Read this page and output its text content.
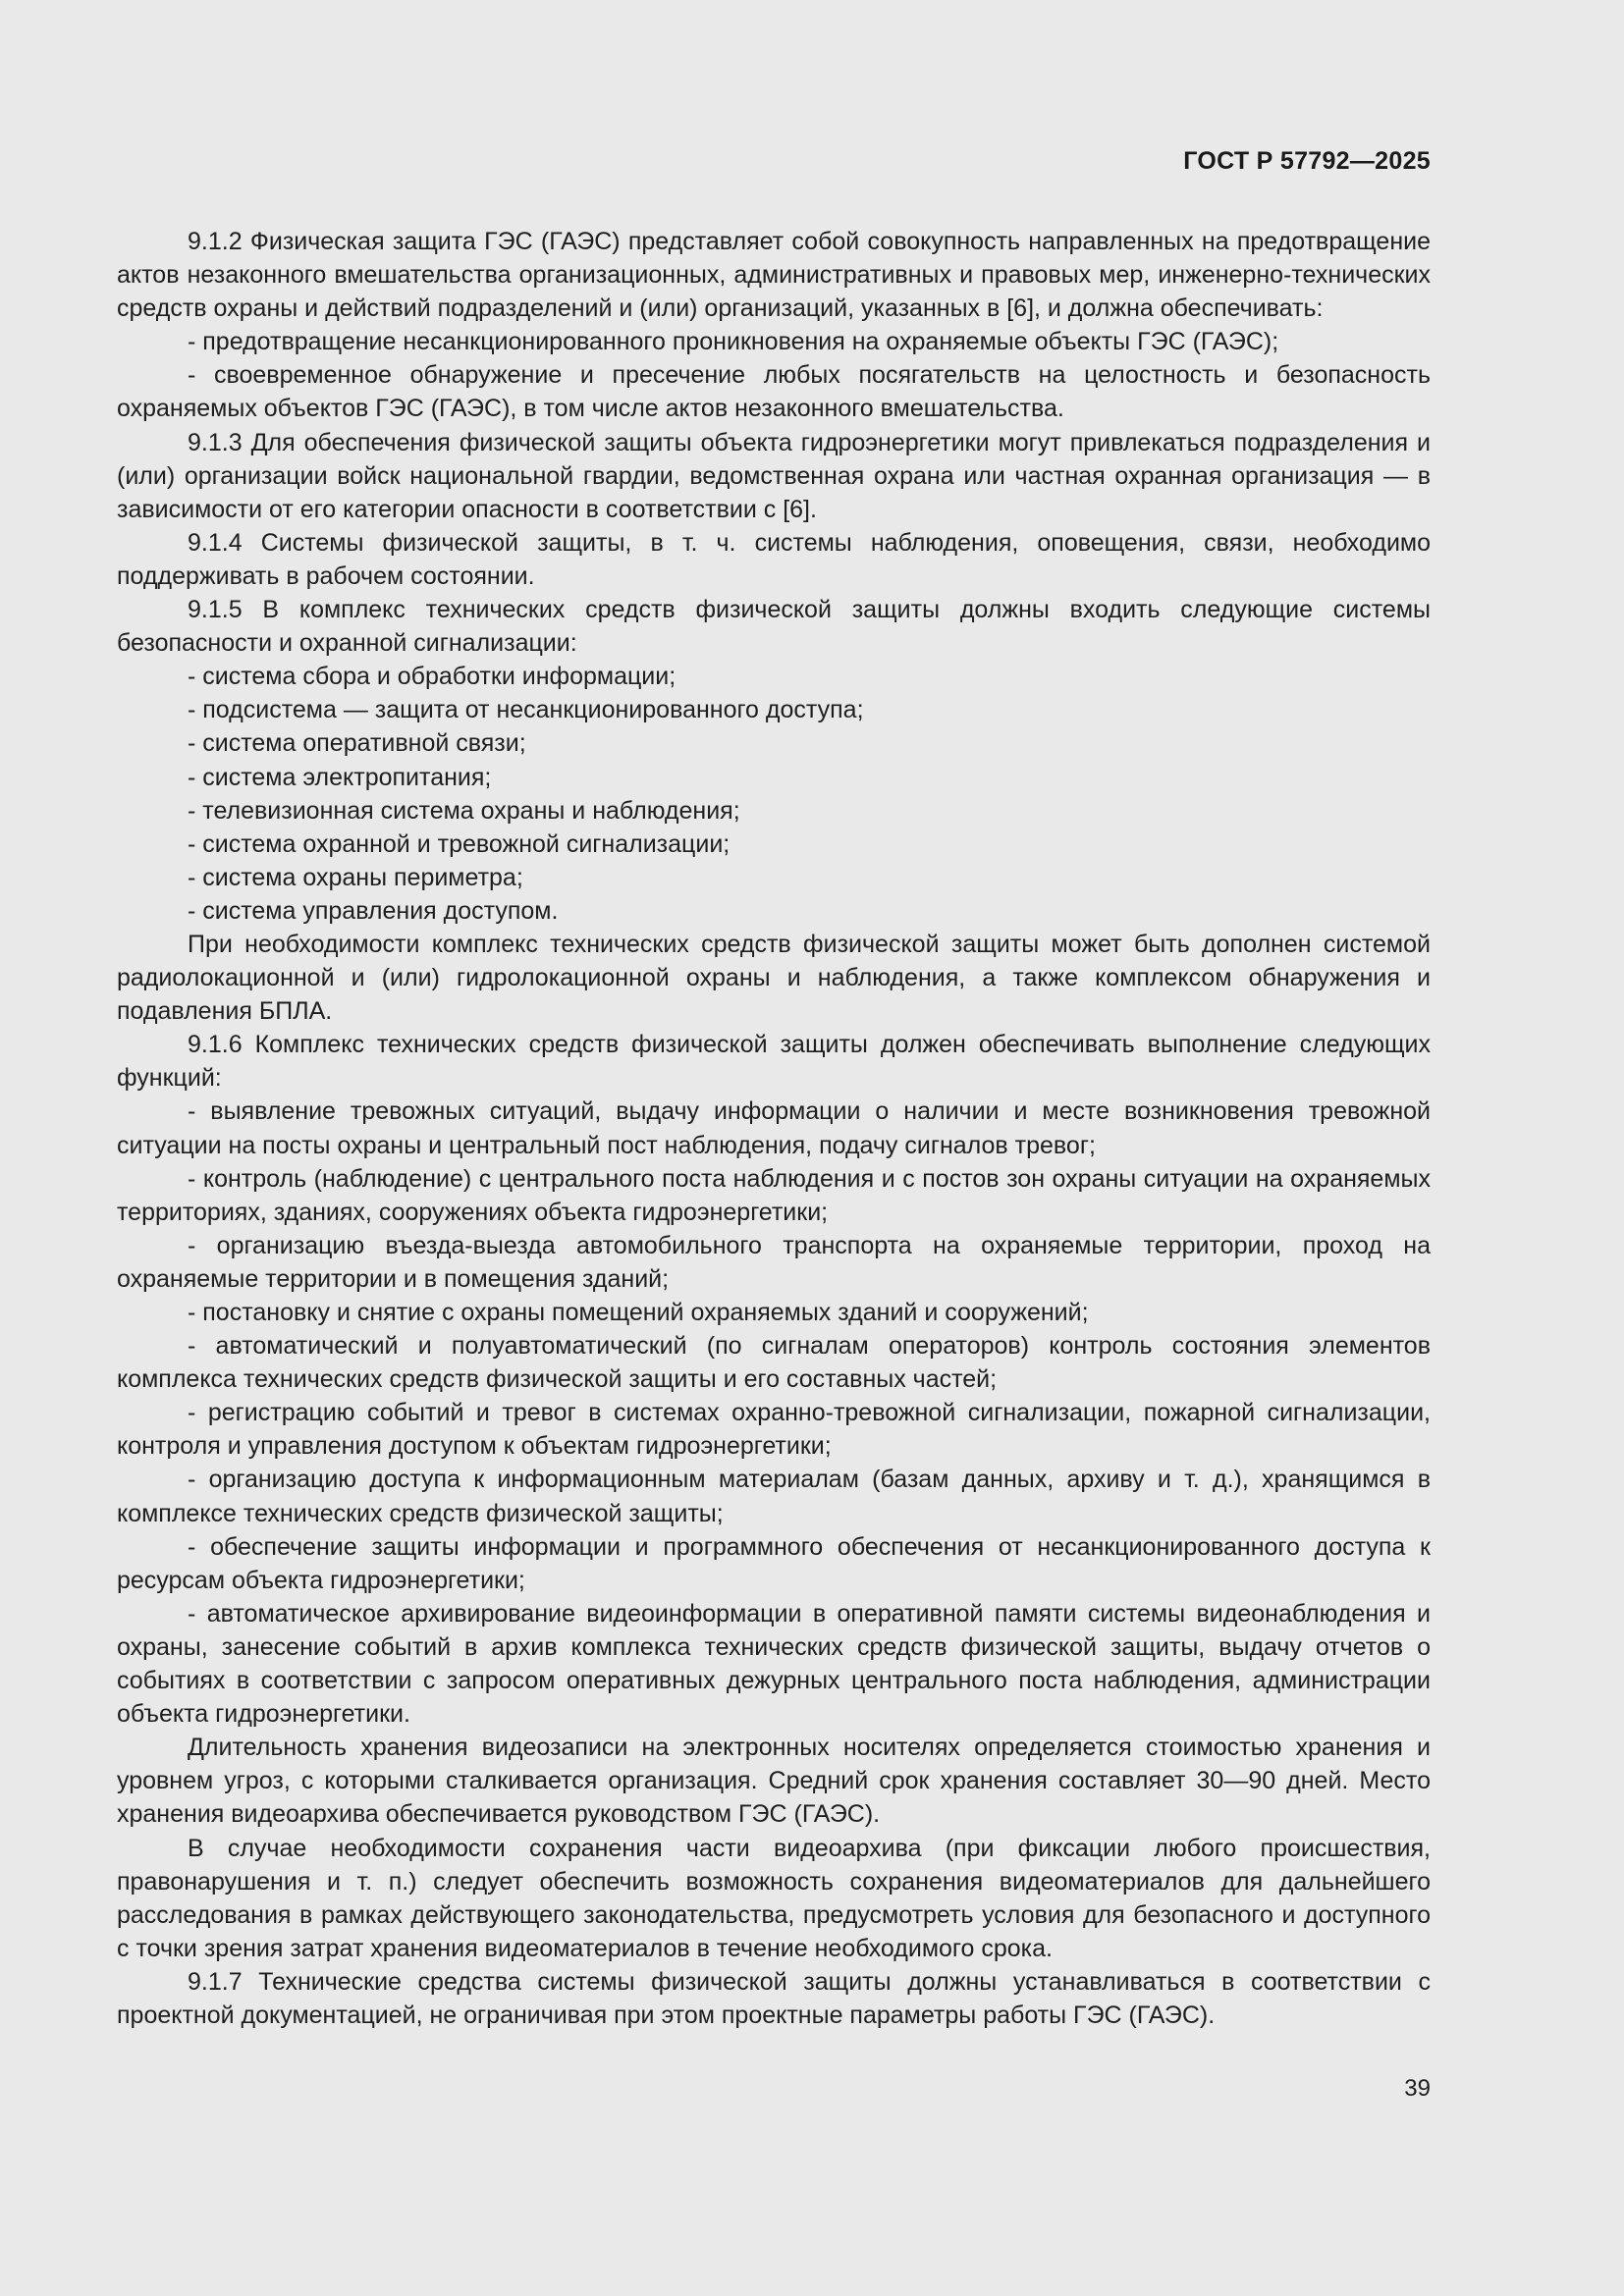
ГОСТ Р 57792—2025

9.1.2 Физическая защита ГЭС (ГАЭС) представляет собой совокупность направленных на предотвращение актов незаконного вмешательства организационных, административных и правовых мер, инженерно-технических средств охраны и действий подразделений и (или) организаций, указанных в [6], и должна обеспечивать:

- предотвращение несанкционированного проникновения на охраняемые объекты ГЭС (ГАЭС);

- своевременное обнаружение и пресечение любых посягательств на целостность и безопасность охраняемых объектов ГЭС (ГАЭС), в том числе актов незаконного вмешательства.

9.1.3 Для обеспечения физической защиты объекта гидроэнергетики могут привлекаться подразделения и (или) организации войск национальной гвардии, ведомственная охрана или частная охранная организация — в зависимости от его категории опасности в соответствии с [6].

9.1.4 Системы физической защиты, в т. ч. системы наблюдения, оповещения, связи, необходимо поддерживать в рабочем состоянии.

9.1.5 В комплекс технических средств физической защиты должны входить следующие системы безопасности и охранной сигнализации:

- система сбора и обработки информации;

- подсистема — защита от несанкционированного доступа;

- система оперативной связи;

- система электропитания;

- телевизионная система охраны и наблюдения;

- система охранной и тревожной сигнализации;

- система охраны периметра;

- система управления доступом.

При необходимости комплекс технических средств физической защиты может быть дополнен системой радиолокационной и (или) гидролокационной охраны и наблюдения, а также комплексом обнаружения и подавления БПЛА.

9.1.6 Комплекс технических средств физической защиты должен обеспечивать выполнение следующих функций:

- выявление тревожных ситуаций, выдачу информации о наличии и месте возникновения тревожной ситуации на посты охраны и центральный пост наблюдения, подачу сигналов тревог;

- контроль (наблюдение) с центрального поста наблюдения и с постов зон охраны ситуации на охраняемых территориях, зданиях, сооружениях объекта гидроэнергетики;

- организацию въезда-выезда автомобильного транспорта на охраняемые территории, проход на охраняемые территории и в помещения зданий;

- постановку и снятие с охраны помещений охраняемых зданий и сооружений;

- автоматический и полуавтоматический (по сигналам операторов) контроль состояния элементов комплекса технических средств физической защиты и его составных частей;

- регистрацию событий и тревог в системах охранно-тревожной сигнализации, пожарной сигнализации, контроля и управления доступом к объектам гидроэнергетики;

- организацию доступа к информационным материалам (базам данных, архиву и т. д.), хранящимся в комплексе технических средств физической защиты;

- обеспечение защиты информации и программного обеспечения от несанкционированного доступа к ресурсам объекта гидроэнергетики;

- автоматическое архивирование видеоинформации в оперативной памяти системы видеонаблюдения и охраны, занесение событий в архив комплекса технических средств физической защиты, выдачу отчетов о событиях в соответствии с запросом оперативных дежурных центрального поста наблюдения, администрации объекта гидроэнергетики.

Длительность хранения видеозаписи на электронных носителях определяется стоимостью хранения и уровнем угроз, с которыми сталкивается организация. Средний срок хранения составляет 30—90 дней. Место хранения видеоархива обеспечивается руководством ГЭС (ГАЭС).

В случае необходимости сохранения части видеоархива (при фиксации любого происшествия, правонарушения и т. п.) следует обеспечить возможность сохранения видеоматериалов для дальнейшего расследования в рамках действующего законодательства, предусмотреть условия для безопасного и доступного с точки зрения затрат хранения видеоматериалов в течение необходимого срока.

9.1.7 Технические средства системы физической защиты должны устанавливаться в соответствии с проектной документацией, не ограничивая при этом проектные параметры работы ГЭС (ГАЭС).

39
